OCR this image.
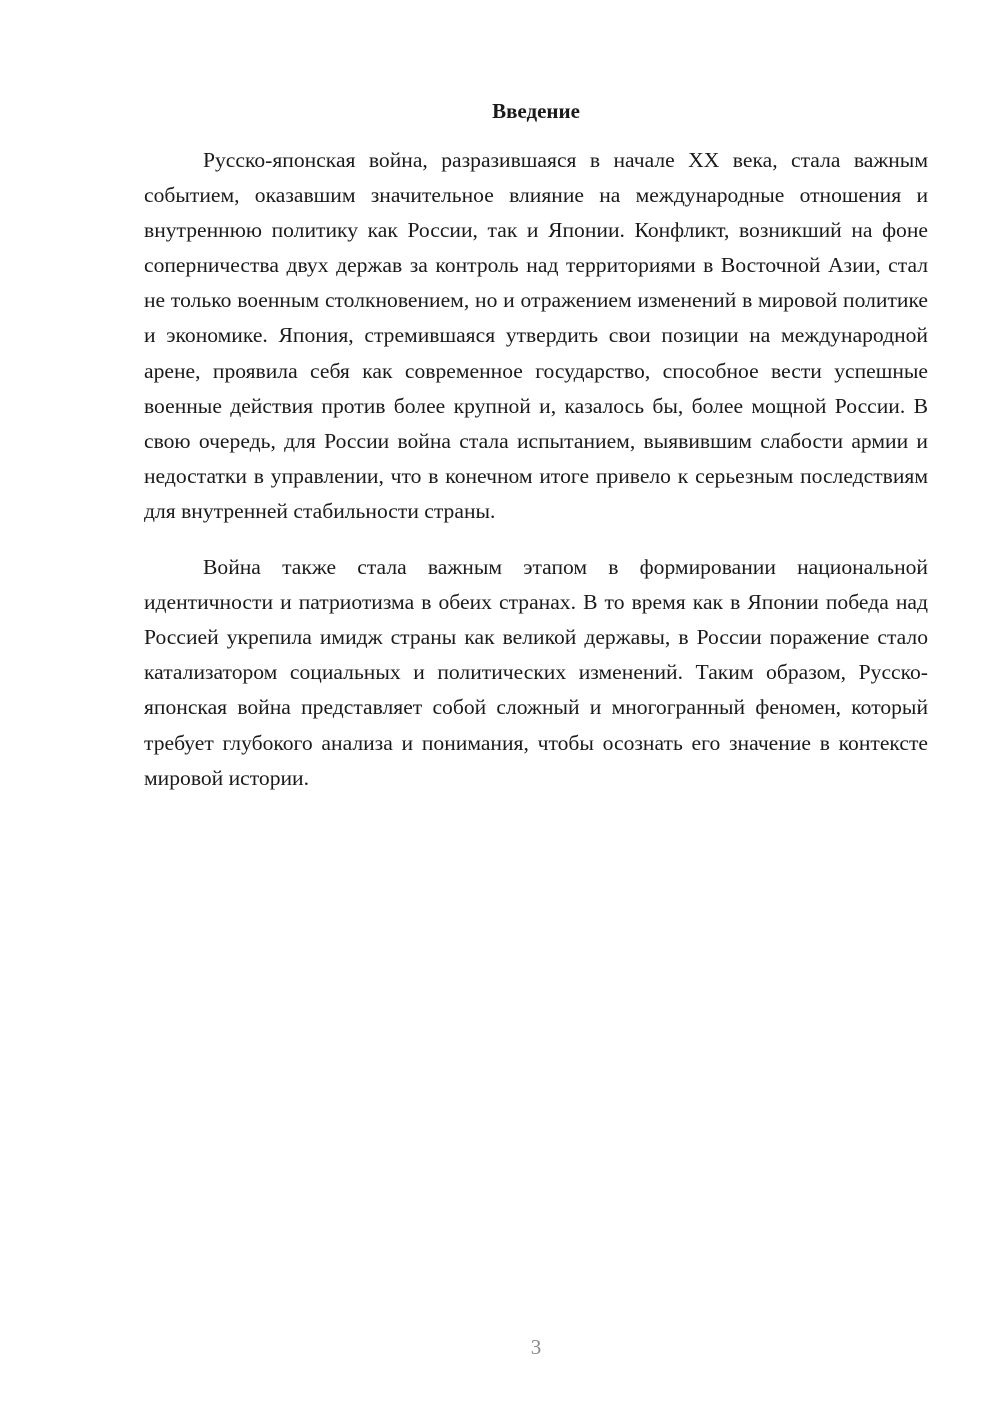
Введение

Русско-японская война, разразившаяся в начале XX века, стала важным событием, оказавшим значительное влияние на международные отношения и внутреннюю политику как России, так и Японии. Конфликт, возникший на фоне соперничества двух держав за контроль над территориями в Восточной Азии, стал не только военным столкновением, но и отражением изменений в мировой политике и экономике. Япония, стремившаяся утвердить свои позиции на международной арене, проявила себя как современное государство, способное вести успешные военные действия против более крупной и, казалось бы, более мощной России. В свою очередь, для России война стала испытанием, выявившим слабости армии и недостатки в управлении, что в конечном итоге привело к серьезным последствиям для внутренней стабильности страны.

Война также стала важным этапом в формировании национальной идентичности и патриотизма в обеих странах. В то время как в Японии победа над Россией укрепила имидж страны как великой державы, в России поражение стало катализатором социальных и политических изменений. Таким образом, Русско-японская война представляет собой сложный и многогранный феномен, который требует глубокого анализа и понимания, чтобы осознать его значение в контексте мировой истории.

3
